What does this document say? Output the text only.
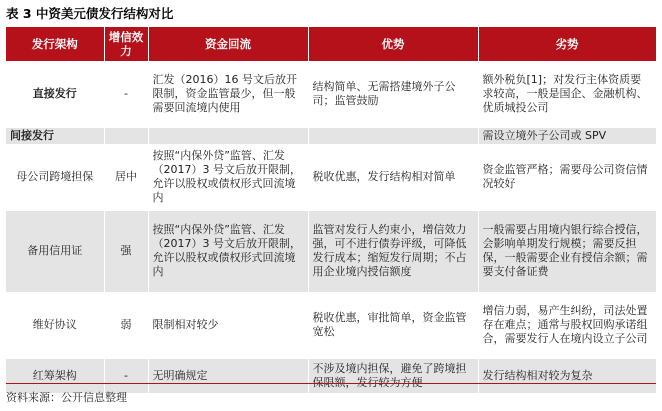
表 3 中资美元债发行结构对比
发行架构	增信效力	资金回流	优势	劣势
直接发行	-	汇发（2016）16 号文后放开限制，资金监管最少，但一般需要回流境内使用	结构简单、无需搭建境外子公司；监管鼓励	额外税负[1]；对发行主体资质要求较高，一般是国企、金融机构、优质城投公司
间接发行				需设立境外子公司或 SPV
母公司跨境担保	居中	按照“内保外贷”监管、汇发（2017）3 号文后放开限制，允许以股权或债权形式回流境内	税收优惠，发行结构相对简单	资金监管严格；需要母公司资信情况较好
备用信用证	强	按照“内保外贷”监管、汇发（2017）3 号文后放开限制，允许以股权或债权形式回流境内	监管对发行人约束小，增信效力强，可不进行债券评级，可降低发行成本；缩短发行周期；不占用企业境内授信额度	一般需要占用境内银行综合授信，会影响单期发行规模；需要反担保，一般需要企业有授信余额；需要支付备证费
维好协议	弱	限制相对较少	税收优惠，审批简单，资金监管宽松	增信力弱，易产生纠纷，司法处置存在难点；通常与股权回购承诺组合，需要发行人在境内设立子公司
红筹架构	-	无明确规定	不涉及境内担保，避免了跨境担保限额，发行较为方便	发行结构相对较为复杂
资料来源：公开信息整理
